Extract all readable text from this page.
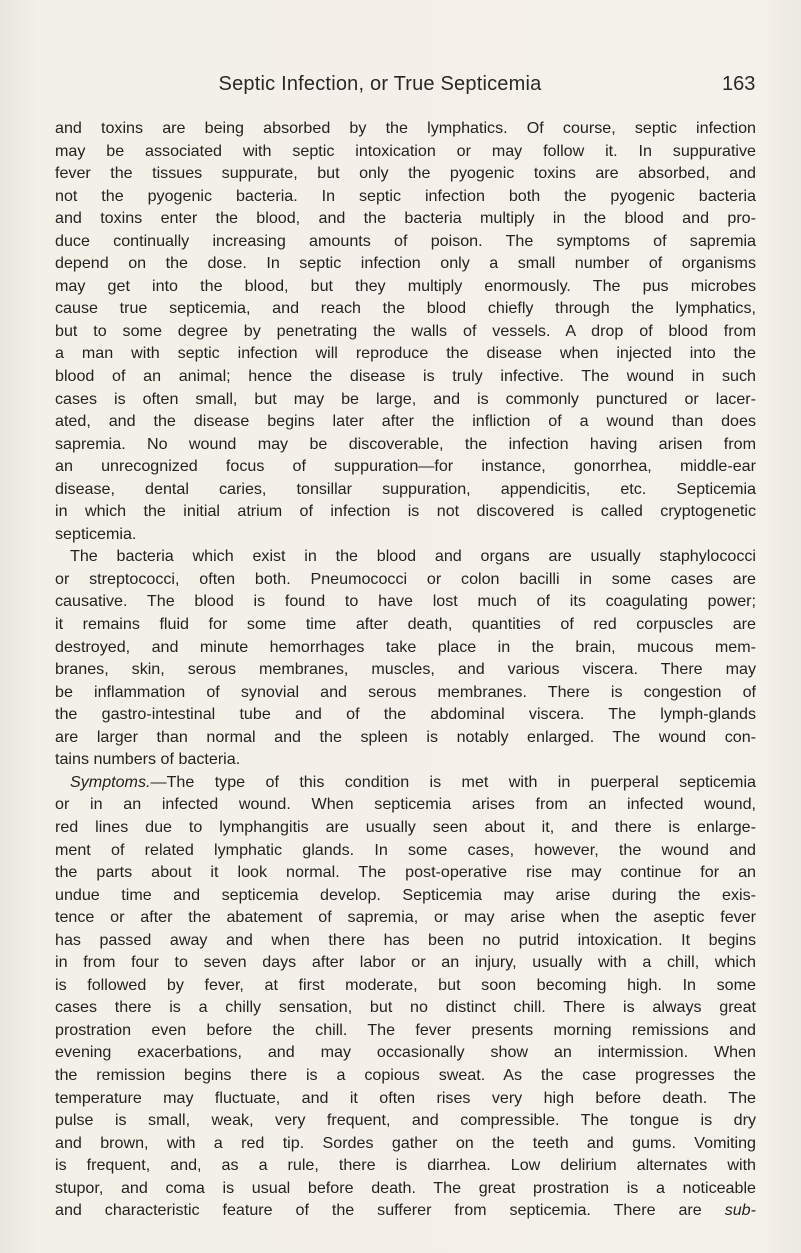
Septic Infection, or True Septicemia	163
and toxins are being absorbed by the lymphatics. Of course, septic infection
may be associated with septic intoxication or may follow it. In suppurative
fever the tissues suppurate, but only the pyogenic toxins are absorbed, and
not the pyogenic bacteria. In septic infection both the pyogenic bacteria
and toxins enter the blood, and the bacteria multiply in the blood and pro-
duce continually increasing amounts of poison. The symptoms of sapremia
depend on the dose. In septic infection only a small number of organisms
may get into the blood, but they multiply enormously. The pus microbes
cause true septicemia, and reach the blood chiefly through the lymphatics,
but to some degree by penetrating the walls of vessels. A drop of blood from
a man with septic infection will reproduce the disease when injected into the
blood of an animal; hence the disease is truly infective. The wound in such
cases is often small, but may be large, and is commonly punctured or lacer-
ated, and the disease begins later after the infliction of a wound than does
sapremia. No wound may be discoverable, the infection having arisen from
an unrecognized focus of suppuration—for instance, gonorrhea, middle-ear
disease, dental caries, tonsillar suppuration, appendicitis, etc. Septicemia
in which the initial atrium of infection is not discovered is called cryptogenetic
septicemia.
The bacteria which exist in the blood and organs are usually staphylococci
or streptococci, often both. Pneumococci or colon bacilli in some cases are
causative. The blood is found to have lost much of its coagulating power;
it remains fluid for some time after death, quantities of red corpuscles are
destroyed, and minute hemorrhages take place in the brain, mucous mem-
branes, skin, serous membranes, muscles, and various viscera. There may
be inflammation of synovial and serous membranes. There is congestion of
the gastro-intestinal tube and of the abdominal viscera. The lymph-glands
are larger than normal and the spleen is notably enlarged. The wound con-
tains numbers of bacteria.
Symptoms.—The type of this condition is met with in puerperal septicemia
or in an infected wound. When septicemia arises from an infected wound,
red lines due to lymphangitis are usually seen about it, and there is enlarge-
ment of related lymphatic glands. In some cases, however, the wound and
the parts about it look normal. The post-operative rise may continue for an
undue time and septicemia develop. Septicemia may arise during the exis-
tence or after the abatement of sapremia, or may arise when the aseptic fever
has passed away and when there has been no putrid intoxication. It begins
in from four to seven days after labor or an injury, usually with a chill, which
is followed by fever, at first moderate, but soon becoming high. In some
cases there is a chilly sensation, but no distinct chill. There is always great
prostration even before the chill. The fever presents morning remissions and
evening exacerbations, and may occasionally show an intermission. When
the remission begins there is a copious sweat. As the case progresses the
temperature may fluctuate, and it often rises very high before death. The
pulse is small, weak, very frequent, and compressible. The tongue is dry
and brown, with a red tip. Sordes gather on the teeth and gums. Vomiting
is frequent, and, as a rule, there is diarrhea. Low delirium alternates with
stupor, and coma is usual before death. The great prostration is a noticeable
and characteristic feature of the sufferer from septicemia. There are sub-
